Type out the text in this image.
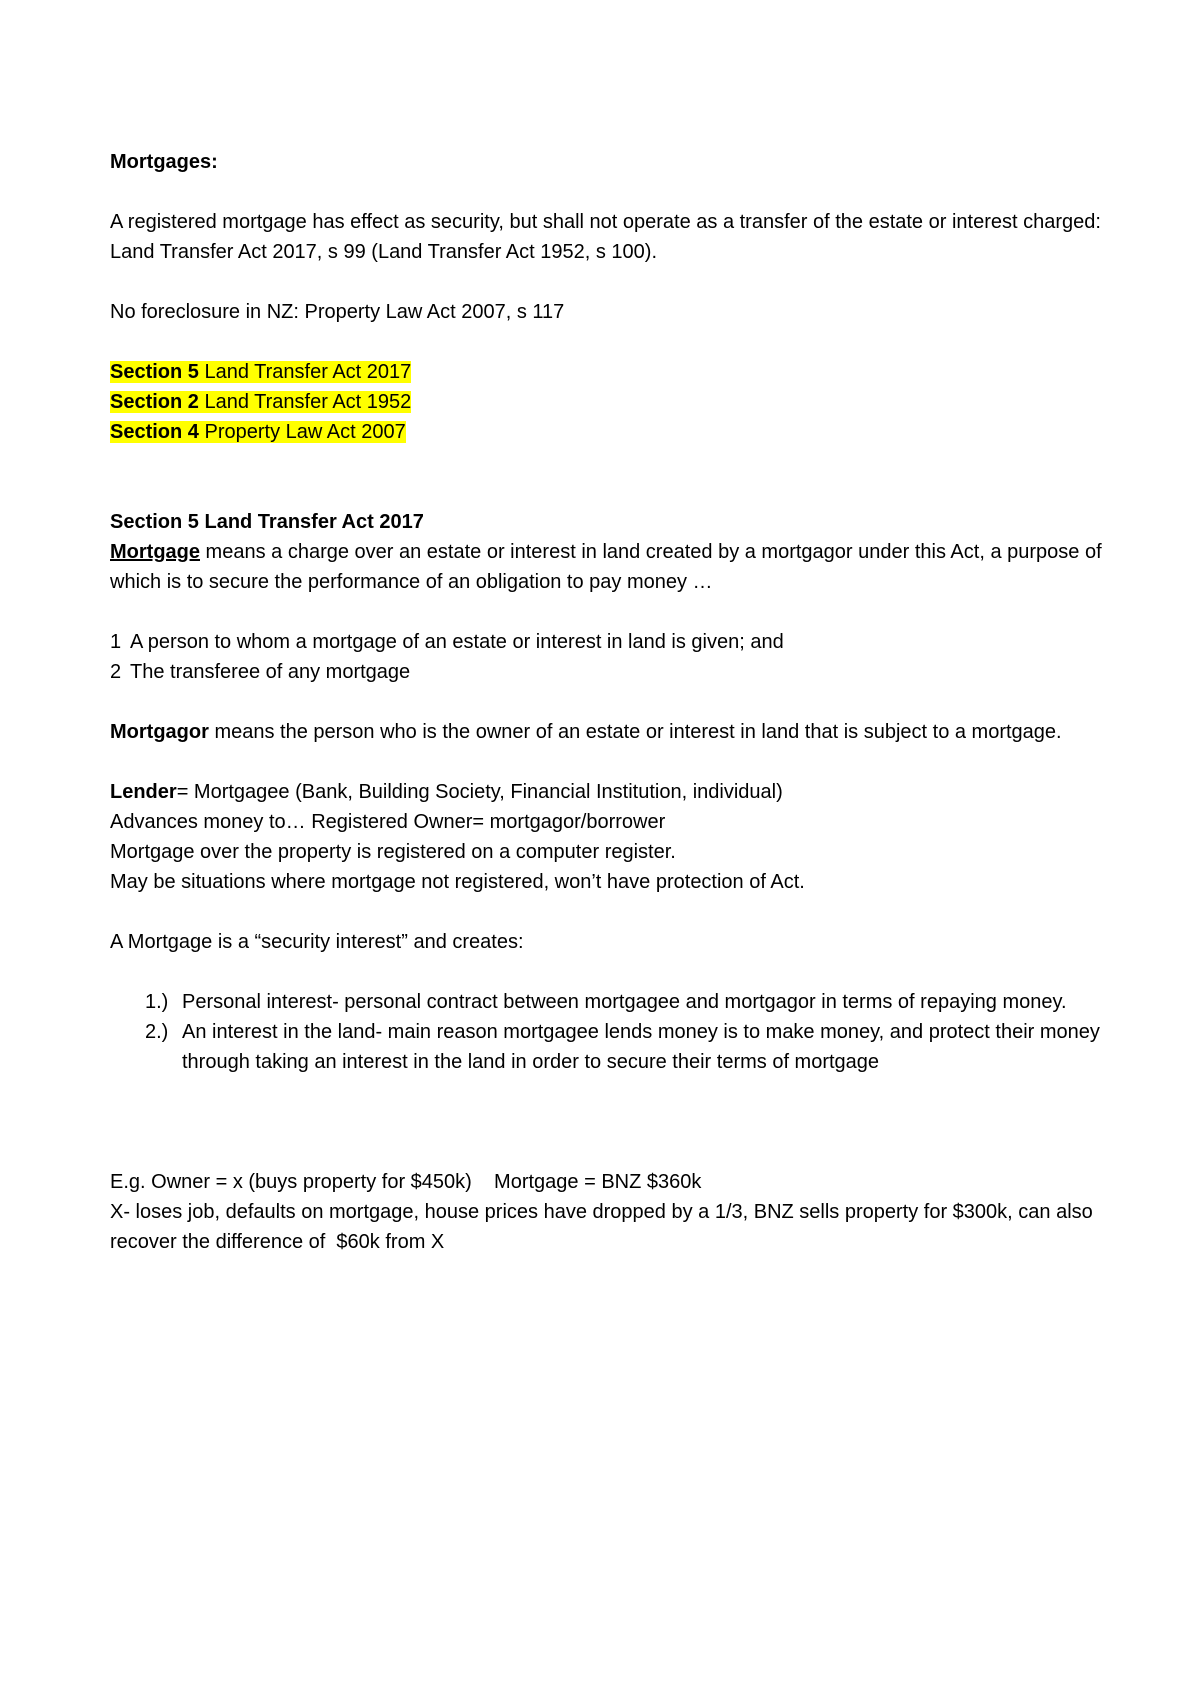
Mortgages:

A registered mortgage has effect as security, but shall not operate as a transfer of the estate or interest charged: Land Transfer Act 2017, s 99 (Land Transfer Act 1952, s 100).

No foreclosure in NZ: Property Law Act 2007, s 117

Section 5 Land Transfer Act 2017

Section 2 Land Transfer Act 1952

Section 4 Property Law Act 2007

Section 5 Land Transfer Act 2017

Mortgage means a charge over an estate or interest in land created by a mortgagor under this Act, a purpose of which is to secure the performance of an obligation to pay money …

1 A person to whom a mortgage of an estate or interest in land is given; and
2 The transferee of any mortgage

Mortgagor means the person who is the owner of an estate or interest in land that is subject to a mortgage.

Lender= Mortgagee (Bank, Building Society, Financial Institution, individual)

Advances money to… Registered Owner= mortgagor/borrower

Mortgage over the property is registered on a computer register.

May be situations where mortgage not registered, won’t have protection of Act.

A Mortgage is a “security interest” and creates:

1.) Personal interest- personal contract between mortgagee and mortgagor in terms of repaying money.
2.) An interest in the land- main reason mortgagee lends money is to make money, and protect their money through taking an interest in the land in order to secure their terms of mortgage

E.g. Owner = x (buys property for $450k)    Mortgage = BNZ $360k

X- loses job, defaults on mortgage, house prices have dropped by a 1/3, BNZ sells property for $300k, can also recover the difference of  $60k from X
